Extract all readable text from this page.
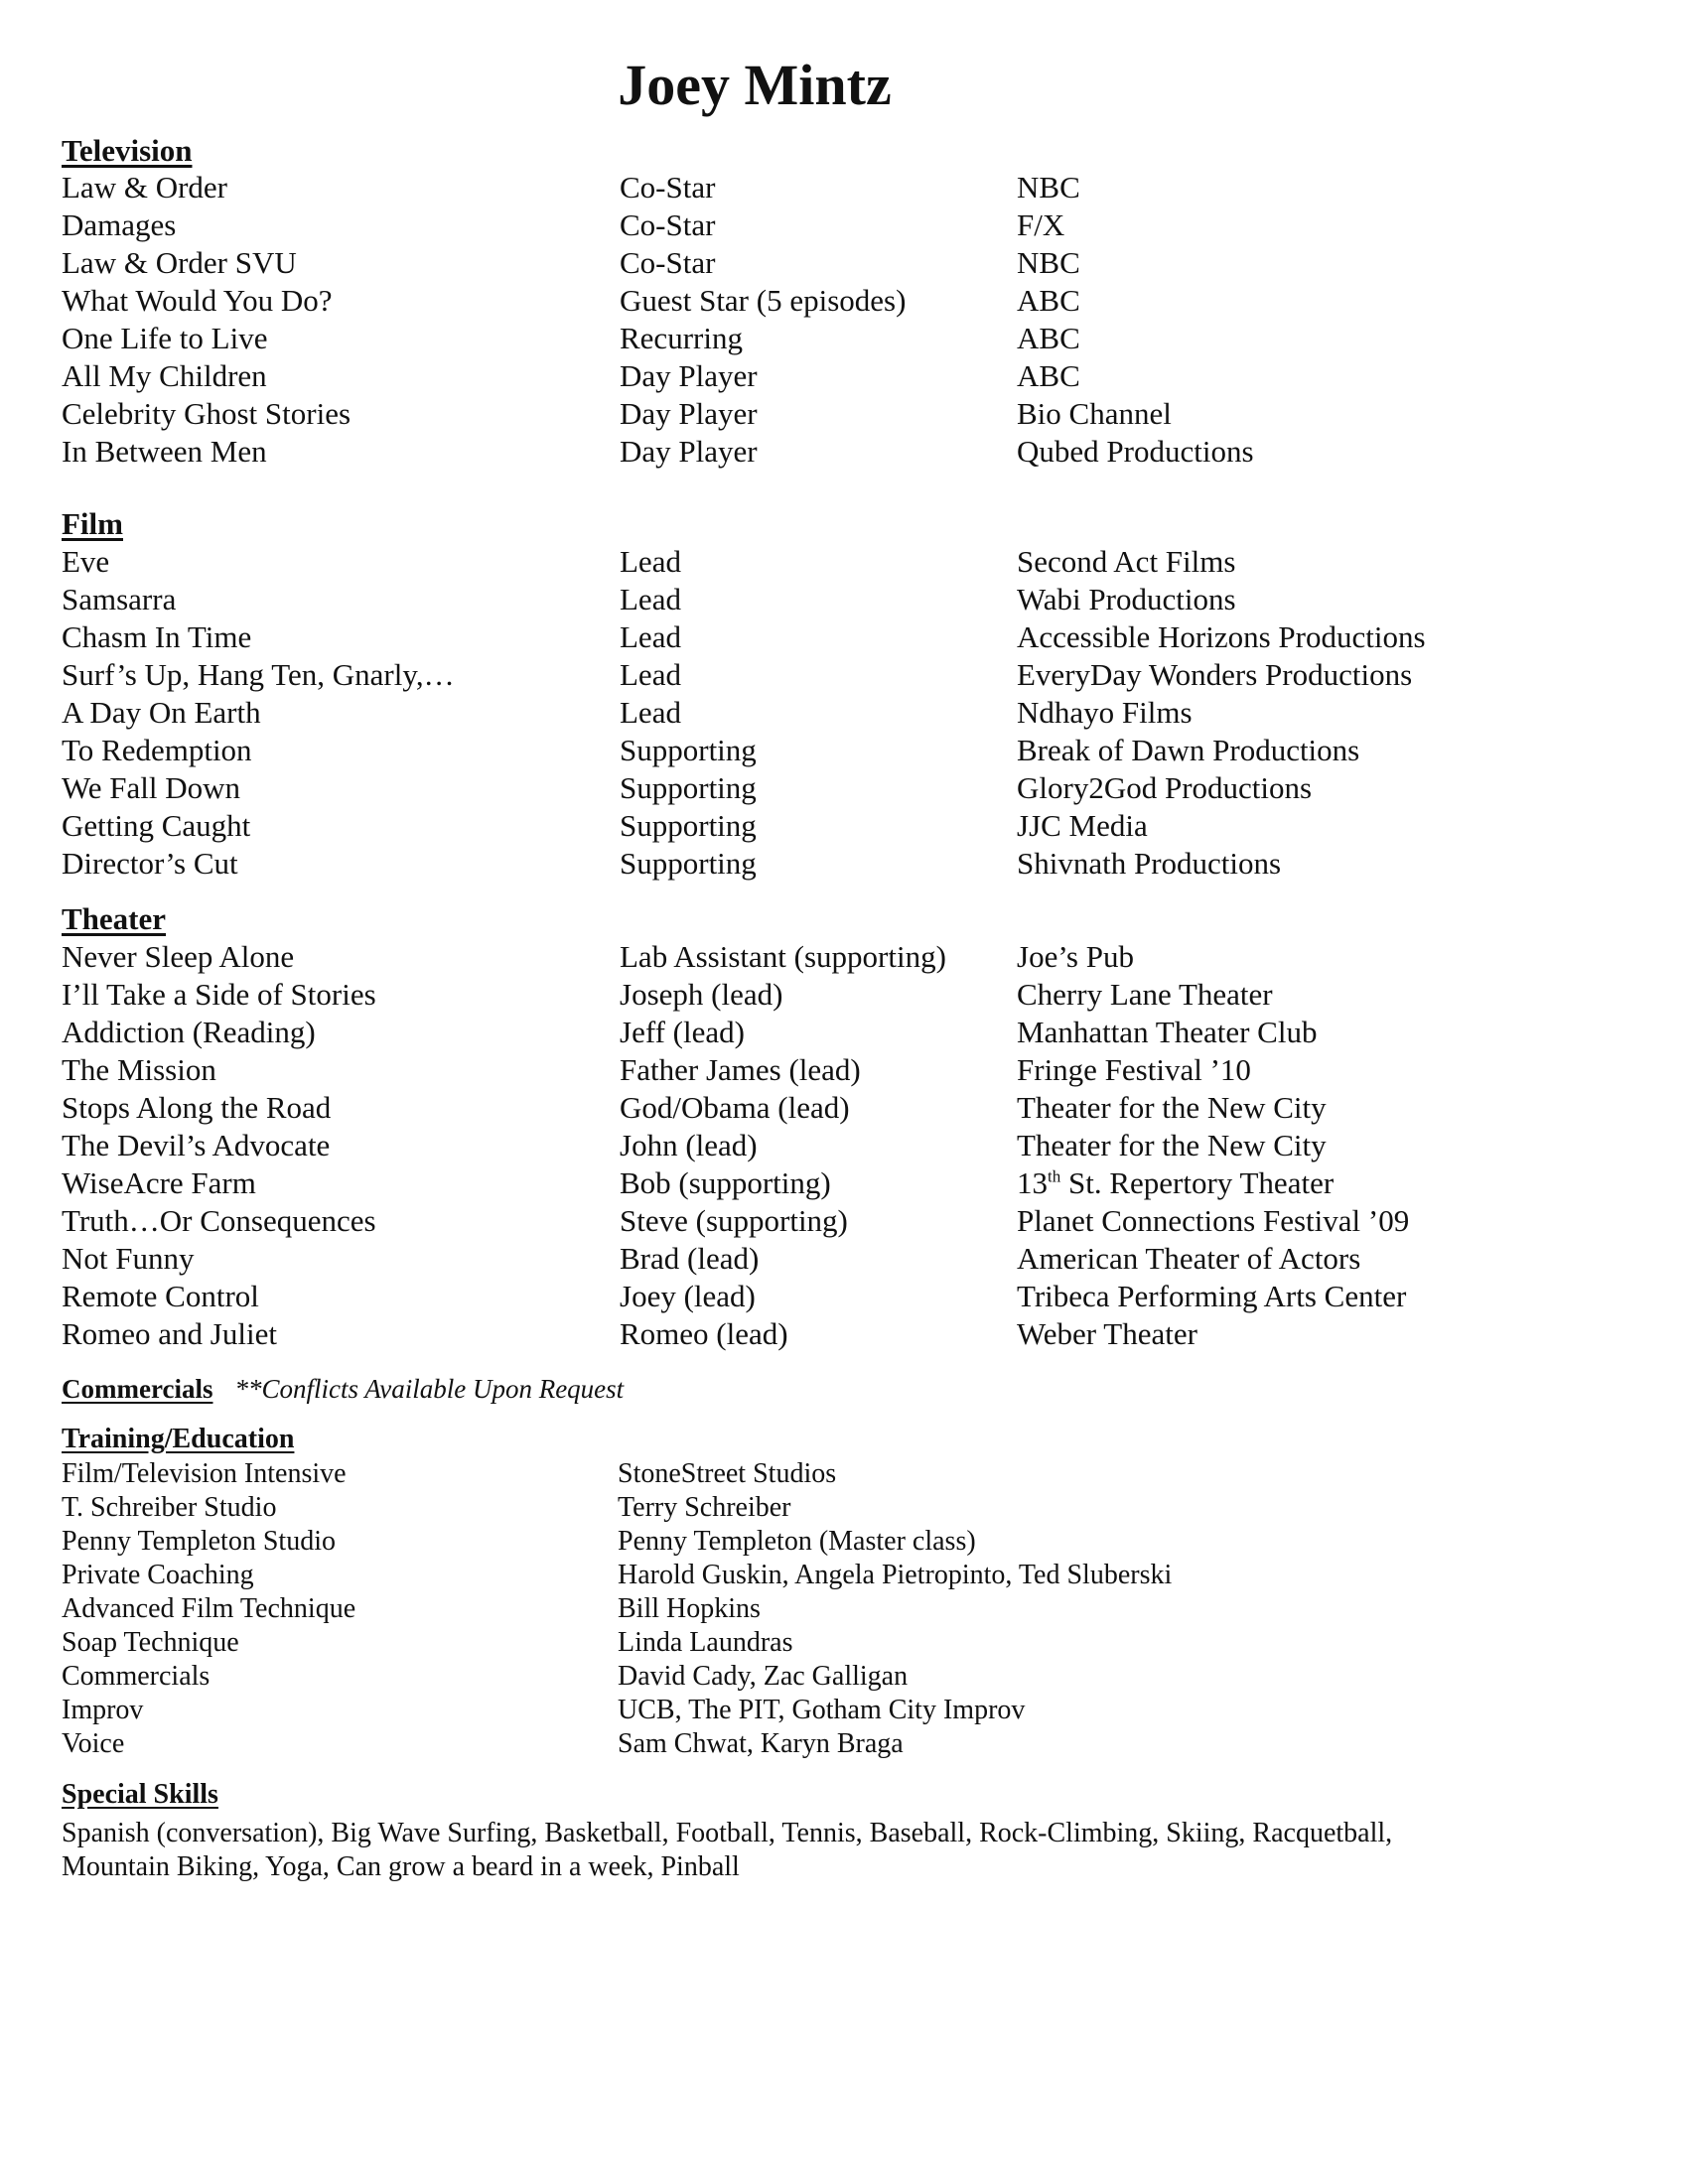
Joey Mintz
Television
Law & Order	Co-Star	NBC
Damages	Co-Star	F/X
Law & Order SVU	Co-Star	NBC
What Would You Do?	Guest Star (5 episodes)	ABC
One Life to Live	Recurring	ABC
All My Children	Day Player	ABC
Celebrity Ghost Stories	Day Player	Bio Channel
In Between Men	Day Player	Qubed Productions
Film
Eve	Lead	Second Act Films
Samsarra	Lead	Wabi Productions
Chasm In Time	Lead	Accessible Horizons Productions
Surf’s Up, Hang Ten, Gnarly,…	Lead	EveryDay Wonders Productions
A Day On Earth	Lead	Ndhayo Films
To Redemption	Supporting	Break of Dawn Productions
We Fall Down	Supporting	Glory2God Productions
Getting Caught	Supporting	JJC Media
Director’s Cut	Supporting	Shivnath Productions
Theater
Never Sleep Alone	Lab Assistant (supporting) Joe’s Pub
I’ll Take a Side of Stories	Joseph (lead)	Cherry Lane Theater
Addiction (Reading)	Jeff (lead)	Manhattan Theater Club
The Mission	Father James (lead)	Fringe Festival ’10
Stops Along the Road	God/Obama (lead)	Theater for the New City
The Devil’s Advocate	John (lead)	Theater for the New City
WiseAcre Farm	Bob (supporting)	13th St. Repertory Theater
Truth…Or Consequences	Steve (supporting)	Planet Connections Festival ’09
Not Funny	Brad (lead)	American Theater of Actors
Remote Control	Joey (lead)	Tribeca Performing Arts Center
Romeo and Juliet	Romeo (lead)	Weber Theater
Commercials **Conflicts Available Upon Request
Training/Education
Film/Television Intensive	StoneStreet Studios
T. Schreiber Studio	Terry Schreiber
Penny Templeton Studio	Penny Templeton (Master class)
Private Coaching	Harold Guskin, Angela Pietropinto, Ted Sluberski
Advanced Film Technique	Bill Hopkins
Soap Technique	Linda Laundras
Commercials	David Cady, Zac Galligan
Improv	UCB, The PIT, Gotham City Improv
Voice	Sam Chwat, Karyn Braga
Special Skills
Spanish (conversation), Big Wave Surfing, Basketball, Football, Tennis, Baseball, Rock-Climbing, Skiing, Racquetball, Mountain Biking, Yoga, Can grow a beard in a week, Pinball
